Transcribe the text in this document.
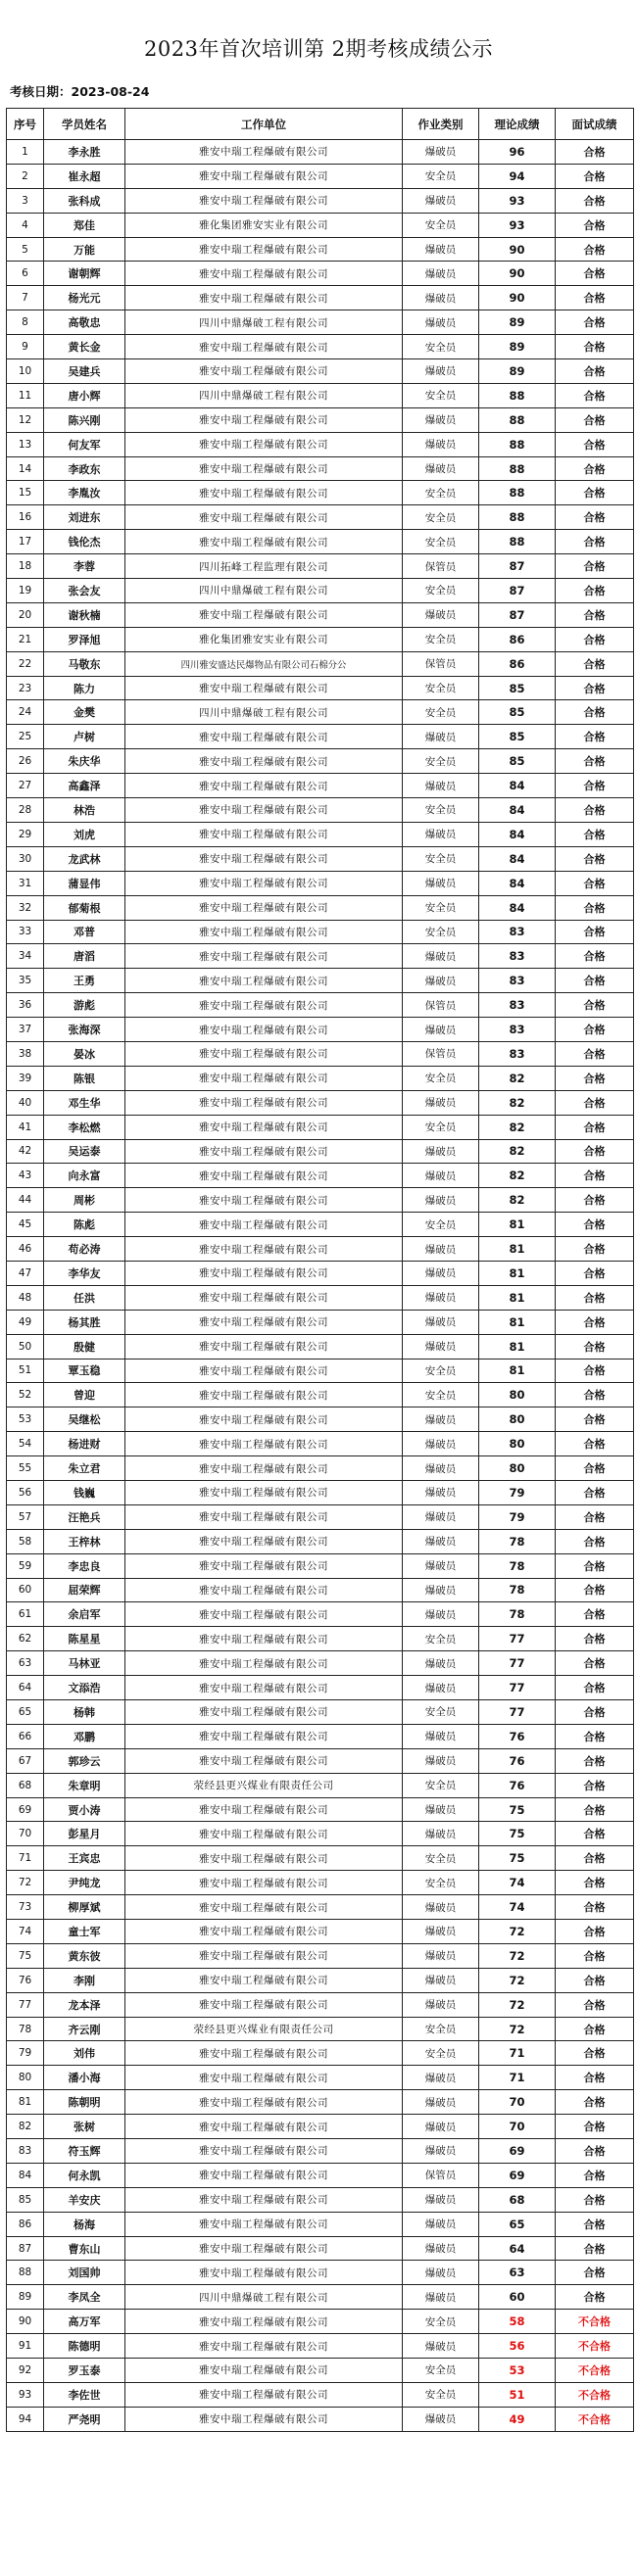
2023年首次培训第 2期考核成绩公示
考核日期：2023-08-24
序号	学员姓名	工作单位	作业类别	理论成绩	面试成绩
1	李永胜	雅安中瑞工程爆破有限公司	爆破员	96	合格
2	崔永超	雅安中瑞工程爆破有限公司	安全员	94	合格
3	张科成	雅安中瑞工程爆破有限公司	爆破员	93	合格
4	郑佳	雅化集团雅安实业有限公司	安全员	93	合格
5	万能	雅安中瑞工程爆破有限公司	爆破员	90	合格
6	谢朝辉	雅安中瑞工程爆破有限公司	爆破员	90	合格
7	杨光元	雅安中瑞工程爆破有限公司	爆破员	90	合格
8	高敬忠	四川中鼎爆破工程有限公司	爆破员	89	合格
9	黄长金	雅安中瑞工程爆破有限公司	安全员	89	合格
10	吴建兵	雅安中瑞工程爆破有限公司	爆破员	89	合格
11	唐小辉	四川中鼎爆破工程有限公司	安全员	88	合格
12	陈兴刚	雅安中瑞工程爆破有限公司	爆破员	88	合格
13	何友军	雅安中瑞工程爆破有限公司	爆破员	88	合格
14	李政东	雅安中瑞工程爆破有限公司	爆破员	88	合格
15	李胤汝	雅安中瑞工程爆破有限公司	安全员	88	合格
16	刘进东	雅安中瑞工程爆破有限公司	安全员	88	合格
17	钱伦杰	雅安中瑞工程爆破有限公司	安全员	88	合格
18	李蓉	四川拓峰工程监理有限公司	保管员	87	合格
19	张会友	四川中鼎爆破工程有限公司	安全员	87	合格
20	谢秋楠	雅安中瑞工程爆破有限公司	爆破员	87	合格
21	罗泽旭	雅化集团雅安实业有限公司	安全员	86	合格
22	马敬东	四川雅安盛达民爆物品有限公司石棉分公	保管员	86	合格
23	陈力	雅安中瑞工程爆破有限公司	安全员	85	合格
24	金樊	四川中鼎爆破工程有限公司	安全员	85	合格
25	卢树	雅安中瑞工程爆破有限公司	爆破员	85	合格
26	朱庆华	雅安中瑞工程爆破有限公司	安全员	85	合格
27	高鑫泽	雅安中瑞工程爆破有限公司	爆破员	84	合格
28	林浩	雅安中瑞工程爆破有限公司	安全员	84	合格
29	刘虎	雅安中瑞工程爆破有限公司	爆破员	84	合格
30	龙武林	雅安中瑞工程爆破有限公司	安全员	84	合格
31	蒲显伟	雅安中瑞工程爆破有限公司	爆破员	84	合格
32	郁菊根	雅安中瑞工程爆破有限公司	安全员	84	合格
33	邓普	雅安中瑞工程爆破有限公司	安全员	83	合格
34	唐滔	雅安中瑞工程爆破有限公司	爆破员	83	合格
35	王勇	雅安中瑞工程爆破有限公司	爆破员	83	合格
36	游彪	雅安中瑞工程爆破有限公司	保管员	83	合格
37	张海深	雅安中瑞工程爆破有限公司	爆破员	83	合格
38	晏冰	雅安中瑞工程爆破有限公司	保管员	83	合格
39	陈银	雅安中瑞工程爆破有限公司	安全员	82	合格
40	邓生华	雅安中瑞工程爆破有限公司	爆破员	82	合格
41	李松燃	雅安中瑞工程爆破有限公司	安全员	82	合格
42	吴运泰	雅安中瑞工程爆破有限公司	爆破员	82	合格
43	向永富	雅安中瑞工程爆破有限公司	爆破员	82	合格
44	周彬	雅安中瑞工程爆破有限公司	爆破员	82	合格
45	陈彪	雅安中瑞工程爆破有限公司	安全员	81	合格
46	苟必涛	雅安中瑞工程爆破有限公司	爆破员	81	合格
47	李华友	雅安中瑞工程爆破有限公司	爆破员	81	合格
48	任洪	雅安中瑞工程爆破有限公司	爆破员	81	合格
49	杨其胜	雅安中瑞工程爆破有限公司	爆破员	81	合格
50	殷健	雅安中瑞工程爆破有限公司	爆破员	81	合格
51	覃玉稳	雅安中瑞工程爆破有限公司	安全员	81	合格
52	曾迎	雅安中瑞工程爆破有限公司	安全员	80	合格
53	吴继松	雅安中瑞工程爆破有限公司	爆破员	80	合格
54	杨进财	雅安中瑞工程爆破有限公司	爆破员	80	合格
55	朱立君	雅安中瑞工程爆破有限公司	爆破员	80	合格
56	钱巍	雅安中瑞工程爆破有限公司	爆破员	79	合格
57	汪艳兵	雅安中瑞工程爆破有限公司	爆破员	79	合格
58	王梓林	雅安中瑞工程爆破有限公司	爆破员	78	合格
59	李忠良	雅安中瑞工程爆破有限公司	爆破员	78	合格
60	屈荣辉	雅安中瑞工程爆破有限公司	爆破员	78	合格
61	余启军	雅安中瑞工程爆破有限公司	爆破员	78	合格
62	陈星星	雅安中瑞工程爆破有限公司	安全员	77	合格
63	马林亚	雅安中瑞工程爆破有限公司	爆破员	77	合格
64	文添浩	雅安中瑞工程爆破有限公司	爆破员	77	合格
65	杨韩	雅安中瑞工程爆破有限公司	安全员	77	合格
66	邓鹏	雅安中瑞工程爆破有限公司	爆破员	76	合格
67	郭珍云	雅安中瑞工程爆破有限公司	爆破员	76	合格
68	朱章明	荥经县更兴煤业有限责任公司	安全员	76	合格
69	贾小涛	雅安中瑞工程爆破有限公司	爆破员	75	合格
70	彭星月	雅安中瑞工程爆破有限公司	爆破员	75	合格
71	王宾忠	雅安中瑞工程爆破有限公司	安全员	75	合格
72	尹纯龙	雅安中瑞工程爆破有限公司	安全员	74	合格
73	柳厚斌	雅安中瑞工程爆破有限公司	爆破员	74	合格
74	童士军	雅安中瑞工程爆破有限公司	爆破员	72	合格
75	黄东彼	雅安中瑞工程爆破有限公司	爆破员	72	合格
76	李刚	雅安中瑞工程爆破有限公司	爆破员	72	合格
77	龙本泽	雅安中瑞工程爆破有限公司	爆破员	72	合格
78	齐云刚	荥经县更兴煤业有限责任公司	安全员	72	合格
79	刘伟	雅安中瑞工程爆破有限公司	安全员	71	合格
80	潘小海	雅安中瑞工程爆破有限公司	爆破员	71	合格
81	陈朝明	雅安中瑞工程爆破有限公司	爆破员	70	合格
82	张树	雅安中瑞工程爆破有限公司	爆破员	70	合格
83	符玉辉	雅安中瑞工程爆破有限公司	爆破员	69	合格
84	何永凯	雅安中瑞工程爆破有限公司	保管员	69	合格
85	羊安庆	雅安中瑞工程爆破有限公司	爆破员	68	合格
86	杨海	雅安中瑞工程爆破有限公司	爆破员	65	合格
87	曹东山	雅安中瑞工程爆破有限公司	爆破员	64	合格
88	刘国帅	雅安中瑞工程爆破有限公司	爆破员	63	合格
89	李凤全	四川中鼎爆破工程有限公司	爆破员	60	合格
90	高万军	雅安中瑞工程爆破有限公司	安全员	58	不合格
91	陈德明	雅安中瑞工程爆破有限公司	爆破员	56	不合格
92	罗玉泰	雅安中瑞工程爆破有限公司	安全员	53	不合格
93	李佐世	雅安中瑞工程爆破有限公司	安全员	51	不合格
94	严尧明	雅安中瑞工程爆破有限公司	爆破员	49	不合格
